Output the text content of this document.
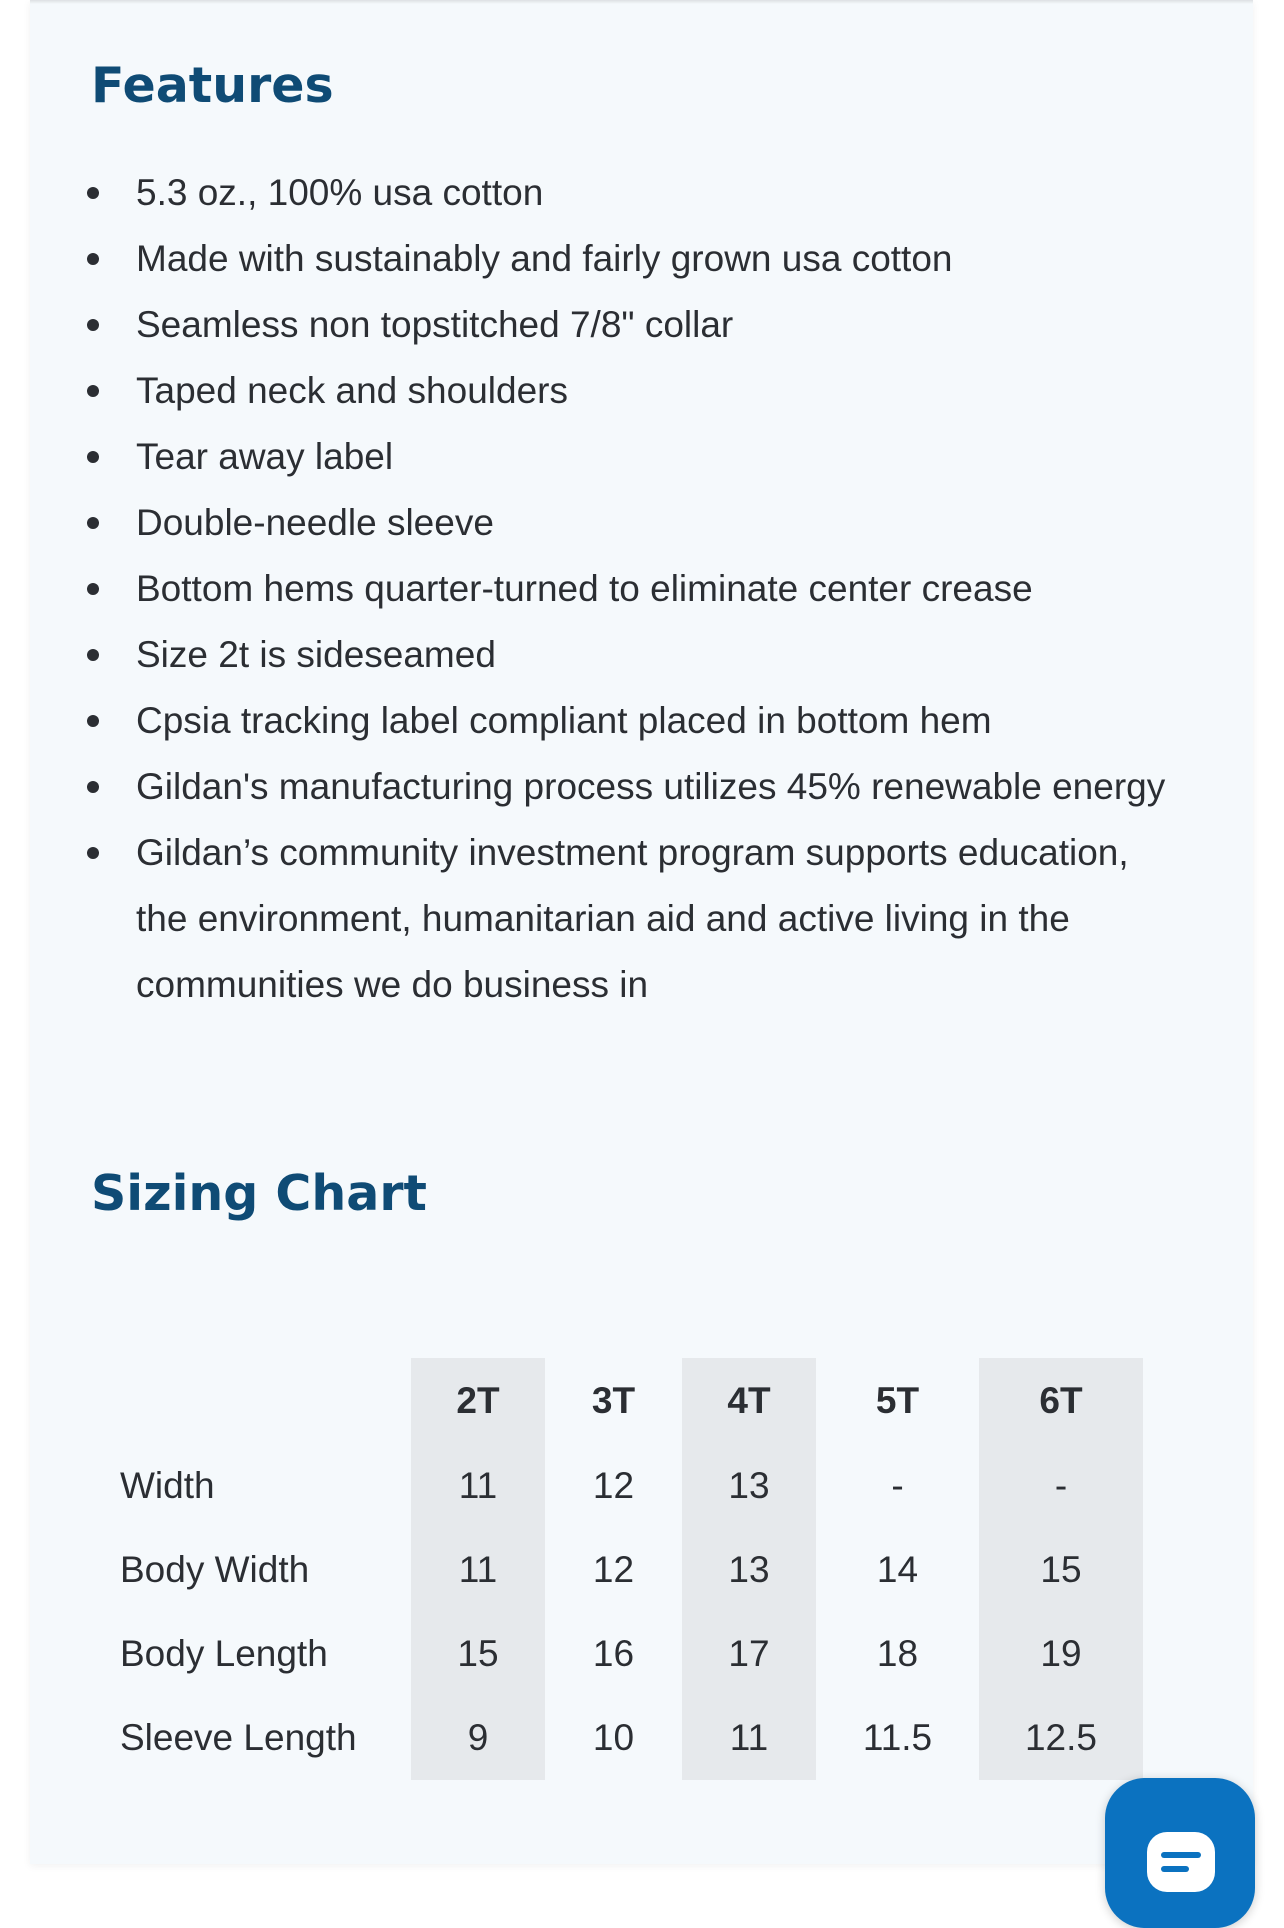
Features
5.3 oz., 100% usa cotton
Made with sustainably and fairly grown usa cotton
Seamless non topstitched 7/8" collar
Taped neck and shoulders
Tear away label
Double-needle sleeve
Bottom hems quarter-turned to eliminate center crease
Size 2t is sideseamed
Cpsia tracking label compliant placed in bottom hem
Gildan's manufacturing process utilizes 45% renewable energy
Gildan’s community investment program supports education, the environment, humanitarian aid and active living in the communities we do business in
Sizing Chart
	2T	3T	4T	5T	6T
Width	11	12	13	-	-
Body Width	11	12	13	14	15
Body Length	15	16	17	18	19
Sleeve Length	9	10	11	11.5	12.5
